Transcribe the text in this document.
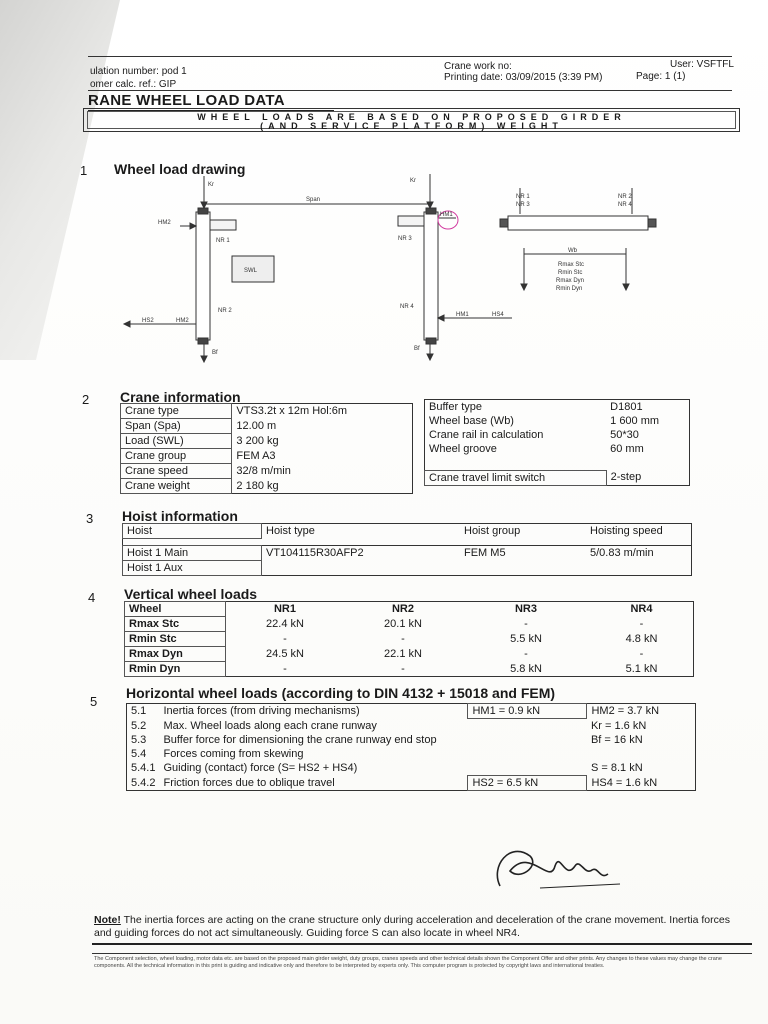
ulation number: pod 1
omer calc. ref.: GIP
Crane work no:
Printing date: 03/09/2015 (3:39 PM)
User: VSFTFL
Page: 1 (1)
RANE WHEEL LOAD DATA
WHEEL LOADS ARE BASED ON PROPOSED GIRDER
(AND SERVICE PLATFORM) WEIGHT
1 Wheel load drawing
Kr
Kr
Span
HM2
HM1
NR 1	NR 3
SWL
NR 2
NR 4
HS2	HM2
HM1	HS4
Bf
Bf
NR 1
NR 3
NR 2
NR 4
Wb
Rmax Stc
Rmin Stc
Rmax Dyn
Rmin Dyn
2 Crane information
Crane type	VTS3.2t x 12m Hol:6m
Span (Spa)	12.00 m
Load (SWL)	3 200 kg
Crane group	FEM A3
Crane speed	32/8 m/min
Crane weight	2 180 kg
Buffer type	D1801
Wheel base (Wb)	1 600 mm
Crane rail in calculation	50*30
Wheel groove	60 mm

Crane travel limit switch	2-step
3 Hoist information
Hoist	Hoist type	Hoist group	Hoisting speed

Hoist 1 Main	VT104115R30AFP2	FEM M5	5/0.83 m/min
Hoist 1 Aux			
4 Vertical wheel loads
Wheel	NR1	NR2	NR3	NR4
Rmax Stc	22.4 kN	20.1 kN	-	-
Rmin Stc	-	-	5.5 kN	4.8 kN
Rmax Dyn	24.5 kN	22.1 kN	-	-
Rmin Dyn	-	-	5.8 kN	5.1 kN
5
Horizontal wheel loads (according to DIN 4132 + 15018 and FEM)
5.1	Inertia forces (from driving mechanisms)	HM1 = 0.9 kN	HM2 = 3.7 kN
5.2	Max. Wheel loads along each crane runway		Kr = 1.6 kN
5.3	Buffer force for dimensioning the crane runway end stop		Bf = 16 kN
5.4	Forces coming from skewing		
5.4.1	Guiding (contact) force (S= HS2 + HS4)		S = 8.1 kN
5.4.2	Friction forces due to oblique travel	HS2 = 6.5 kN	HS4 = 1.6 kN
Note! The inertia forces are acting on the crane structure only during acceleration and deceleration of the crane movement. Inertia forces and guiding forces do not act simultaneously. Guiding force S can also locate in wheel NR4.
The Component selection, wheel loading, motor data etc. are based on the proposed main girder weight, duty groups, cranes speeds and other technical details shown the Component Offer and other prints. Any changes to these values may change the crane components. All the technical information in this print is guiding and indicative only and therefore to be interpreted by experts only. This computer program is protected by copyright laws and international treaties.
